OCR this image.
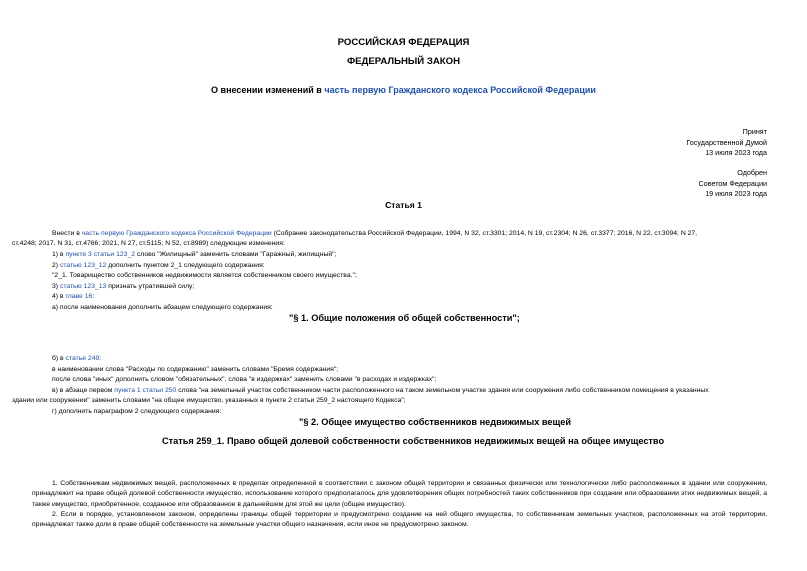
РОССИЙСКАЯ ФЕДЕРАЦИЯ
ФЕДЕРАЛЬНЫЙ ЗАКОН
О внесении изменений в часть первую Гражданского кодекса Российской Федерации
Принят
Государственной Думой
13 июля 2023 года
Одобрен
Советом Федерации
19 июля 2023 года
Статья 1
Внести в часть первую Гражданского кодекса Российской Федерации (Собрание законодательства Российской Федерации, 1994, N 32, ст.3301; 2014, N 19, ст.2304; N 26, ст.3377; 2016, N 22, ст.3094; N 27,
ст.4248; 2017, N 31, ст.4766; 2021, N 27, ст.5115; N 52, ст.8989) следующие изменения:
1) в пункте 3 статьи 123_2 слово "Жилищный" заменить словами "Гаражный, жилищный";
2) статью 123_12 дополнить пунктом 2_1 следующего содержания:
"2_1. Товарищество собственников недвижимости является собственником своего имущества.";
3) статью 123_13 признать утратившей силу;
4) в главе 16:
а) после наименования дополнить абзацем следующего содержания:
"§ 1. Общие положения об общей собственности";
б) в статье 249:
в наименовании слова "Расходы по содержанию" заменить словами "Бремя содержания";
после слова "иных" дополнить словом "обязательных", слова "в издержках" заменить словами "в расходах и издержках";
в) в абзаце первом пункта 1 статьи 250 слова "на земельный участок собственником части расположенного на таком земельном участке здания или сооружения либо собственником помещения в указанных
здании или сооружении" заменить словами "на общее имущество, указанных в пункте 2 статьи 259_2 настоящего Кодекса";
г) дополнить параграфом 2 следующего содержания:
"§ 2. Общее имущество собственников недвижимых вещей
Статья 259_1. Право общей долевой собственности собственников недвижимых вещей на общее имущество
1. Собственникам недвижимых вещей, расположенных в пределах определенной в соответствии с законом общей территории и связанных физически или технологически либо расположенных в здании или сооружении, принадлежит на праве общей долевой собственности имущество, использование которого предполагалось для удовлетворения общих потребностей таких собственников при создании или образовании этих недвижимых вещей, а также имущество, приобретенное, созданное или образованное в дальнейшем для этой же цели (общее имущество).
2. Если в порядке, установленном законом, определены границы общей территории и предусмотрено создание на ней общего имущества, то собственникам земельных участков, расположенных на этой территории, принадлежат также доли в праве общей собственности на земельные участки общего назначения, если иное не предусмотрено законом.
